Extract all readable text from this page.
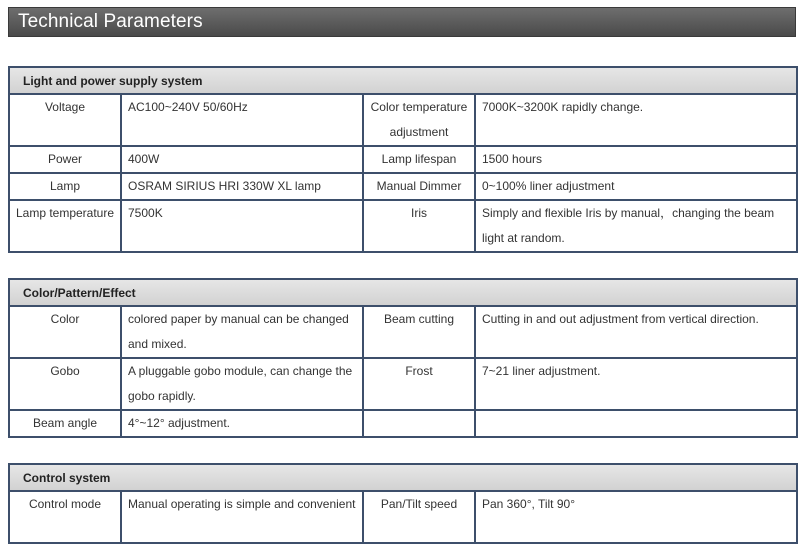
Technical Parameters
Light and power supply system			
Voltage	AC100~240V 50/60Hz	Color temperature adjustment	7000K~3200K rapidly change.
Power	400W	Lamp lifespan	1500 hours
Lamp	OSRAM SIRIUS HRI 330W XL lamp	Manual Dimmer	0~100% liner adjustment
Lamp temperature	7500K	Iris	Simply and flexible Iris by manual，changing the beam light at random.
Color/Pattern/Effect			
Color	colored paper by manual can be changed and mixed.	Beam cutting	Cutting in and out adjustment from vertical direction.
Gobo	A pluggable gobo module, can change the gobo rapidly.	Frost	7~21 liner adjustment.
Beam angle	4°~12° adjustment.		
Control system
Control mode	Manual operating is simple and convenient	Pan/Tilt speed	Pan 360°, Tilt 90°
